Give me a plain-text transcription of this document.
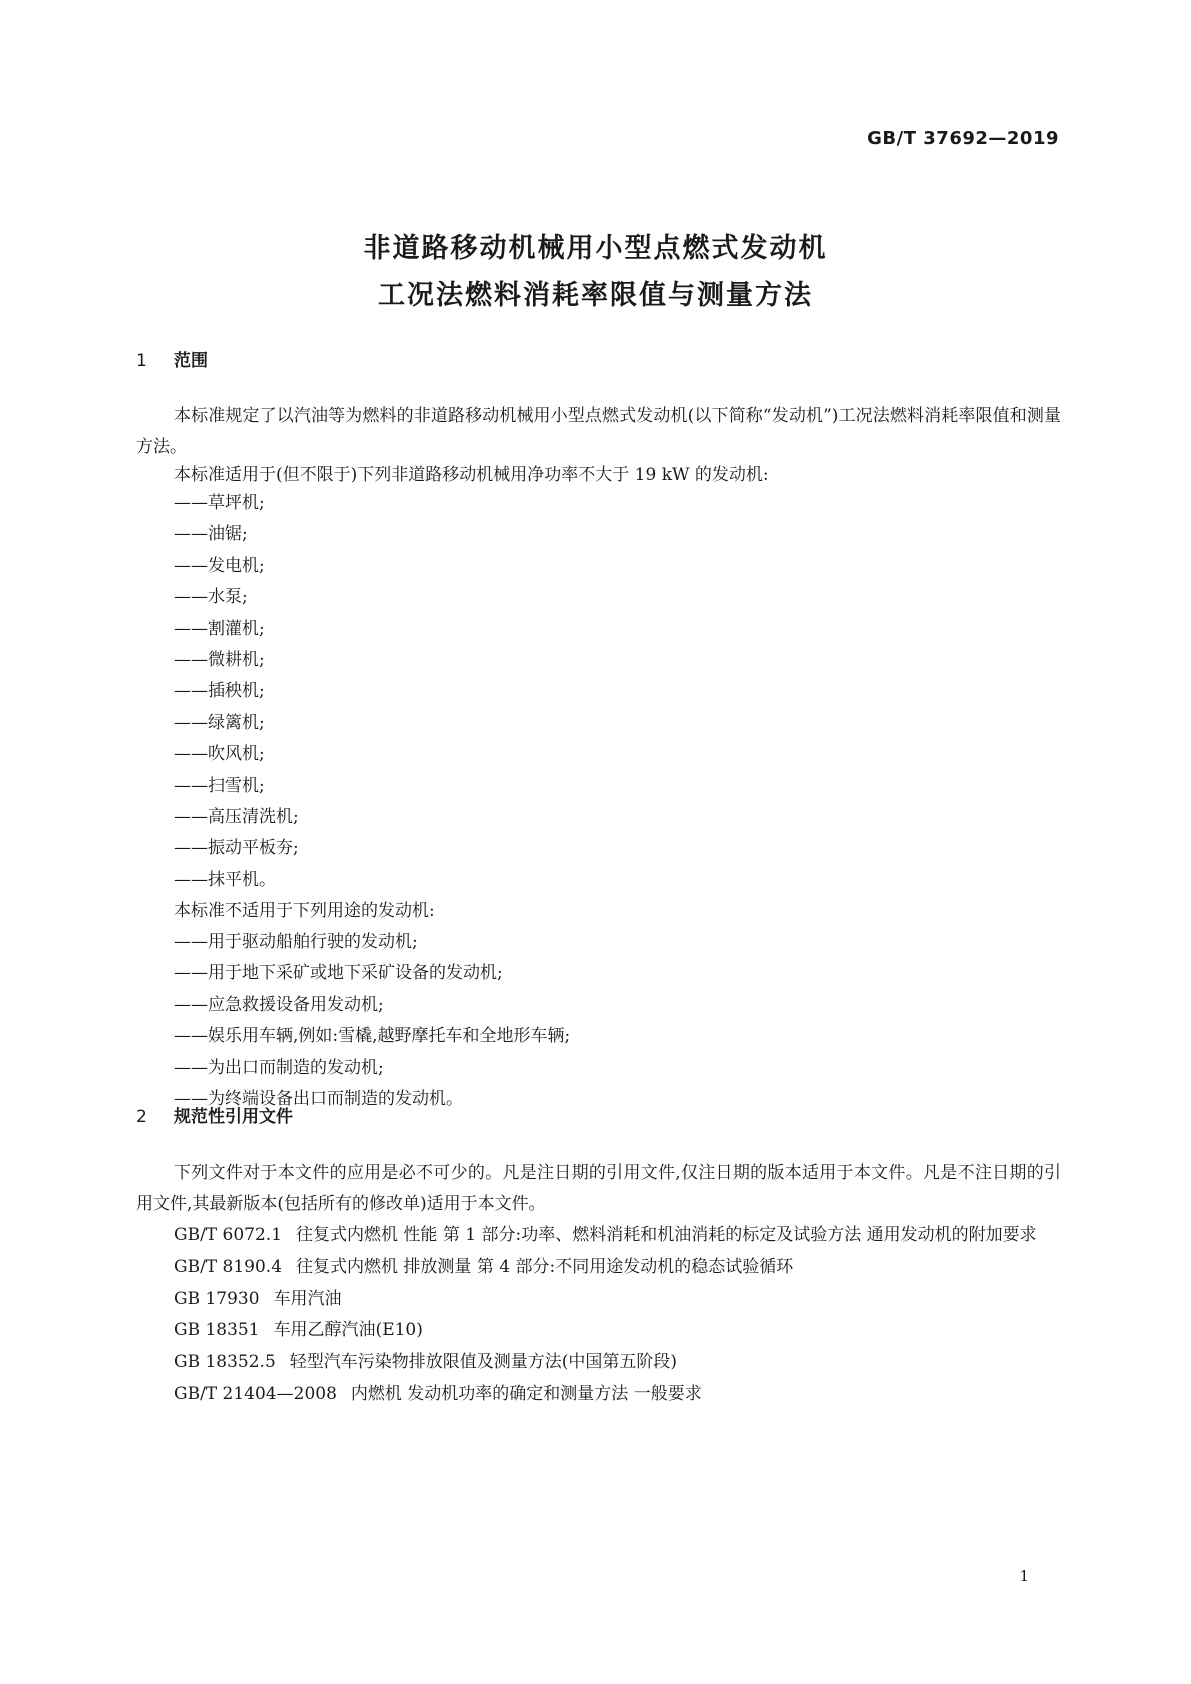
GB/T 37692—2019
非道路移动机械用小型点燃式发动机
工况法燃料消耗率限值与测量方法
1 范围

本标准规定了以汽油等为燃料的非道路移动机械用小型点燃式发动机(以下简称“发动机”)工况法燃料消耗率限值和测量方法。

本标准适用于(但不限于)下列非道路移动机械用净功率不大于 19 kW 的发动机:

——草坪机;
——油锯;
——发电机;
——水泵;
——割灌机;
——微耕机;
——插秧机;
——绿篱机;
——吹风机;
——扫雪机;
——高压清洗机;
——振动平板夯;
——抹平机。

本标准不适用于下列用途的发动机:

——用于驱动船舶行驶的发动机;
——用于地下采矿或地下采矿设备的发动机;
——应急救援设备用发动机;
——娱乐用车辆,例如:雪橇,越野摩托车和全地形车辆;
——为出口而制造的发动机;
——为终端设备出口而制造的发动机。
2 规范性引用文件

下列文件对于本文件的应用是必不可少的。凡是注日期的引用文件,仅注日期的版本适用于本文件。凡是不注日期的引用文件,其最新版本(包括所有的修改单)适用于本文件。

GB/T 6072.1 往复式内燃机 性能 第 1 部分:功率、燃料消耗和机油消耗的标定及试验方法 通用发动机的附加要求
GB/T 8190.4 往复式内燃机 排放测量 第 4 部分:不同用途发动机的稳态试验循环
GB 17930 车用汽油
GB 18351 车用乙醇汽油(E10)
GB 18352.5 轻型汽车污染物排放限值及测量方法(中国第五阶段)
GB/T 21404—2008 内燃机 发动机功率的确定和测量方法 一般要求
1
